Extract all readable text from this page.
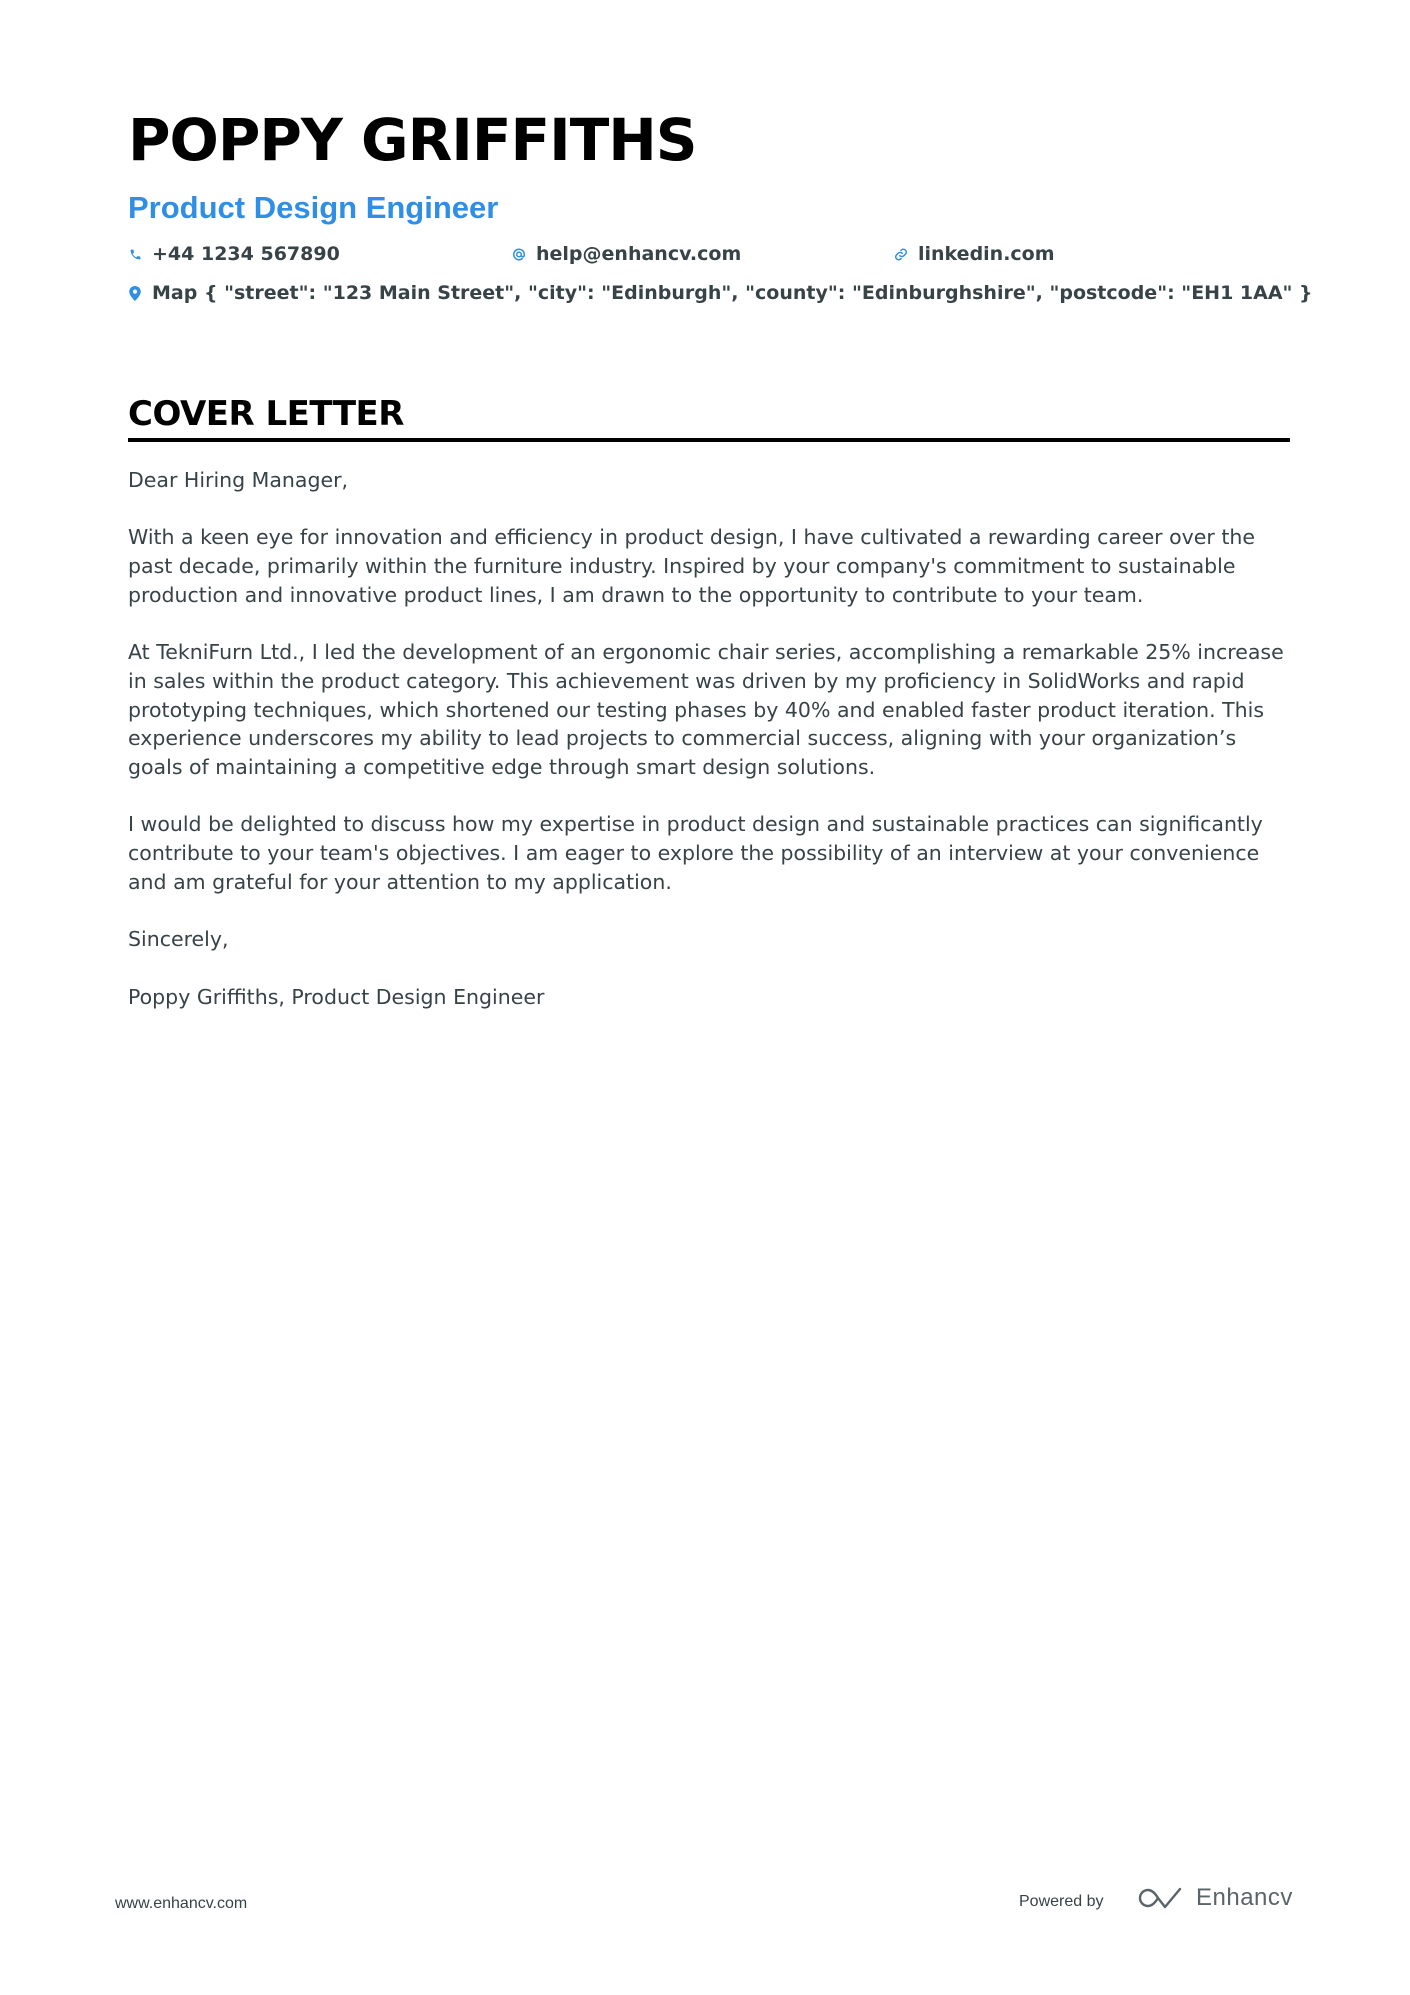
POPPY GRIFFITHS
Product Design Engineer
+44 1234 567890	help@enhancv.com	linkedin.com
Map { "street": "123 Main Street", "city": "Edinburgh", "county": "Edinburghshire", "postcode": "EH1 1AA" }
COVER LETTER

Dear Hiring Manager,

With a keen eye for innovation and efficiency in product design, I have cultivated a rewarding career over the past decade, primarily within the furniture industry. Inspired by your company's commitment to sustainable production and innovative product lines, I am drawn to the opportunity to contribute to your team.

At TekniFurn Ltd., I led the development of an ergonomic chair series, accomplishing a remarkable 25% increase in sales within the product category. This achievement was driven by my proficiency in SolidWorks and rapid prototyping techniques, which shortened our testing phases by 40% and enabled faster product iteration. This experience underscores my ability to lead projects to commercial success, aligning with your organization’s goals of maintaining a competitive edge through smart design solutions.

I would be delighted to discuss how my expertise in product design and sustainable practices can significantly contribute to your team's objectives. I am eager to explore the possibility of an interview at your convenience and am grateful for your attention to my application.

Sincerely,

Poppy Griffiths, Product Design Engineer

www.enhancv.com	Powered by	Enhancv
